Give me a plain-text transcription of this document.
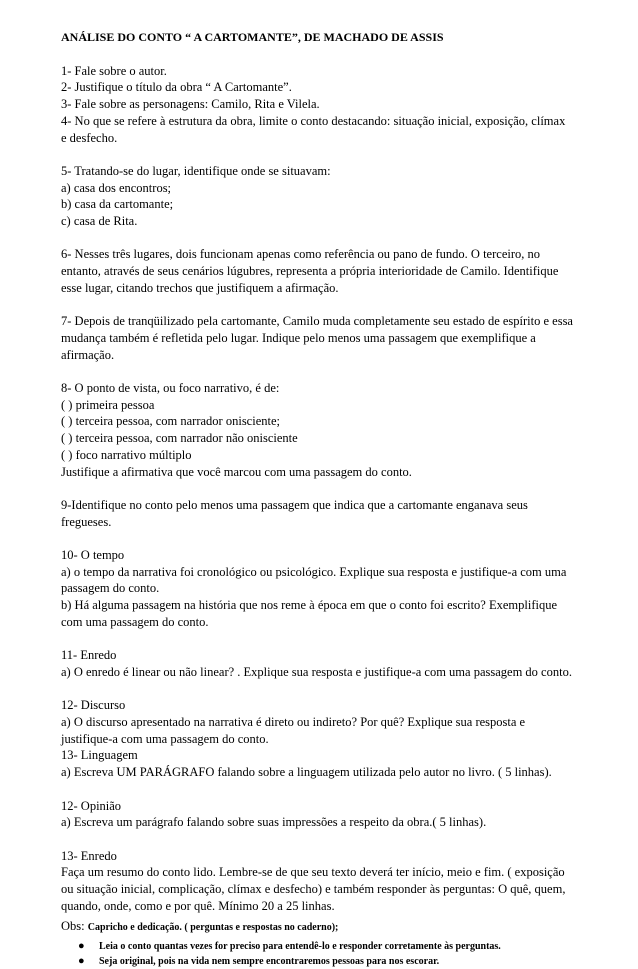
ANÁLISE DO CONTO “ A CARTOMANTE”, DE MACHADO DE ASSIS
1- Fale sobre o autor.
2- Justifique o título da obra “ A Cartomante”.
3- Fale sobre as personagens: Camilo, Rita e Vilela.
4- No que se refere à estrutura da obra, limite o conto destacando: situação inicial, exposição, clímax
e desfecho.
5- Tratando-se do lugar, identifique onde se situavam:
a) casa dos encontros;
b) casa da cartomante;
c) casa de Rita.
6- Nesses três lugares, dois funcionam apenas como referência ou pano de fundo. O terceiro, no
entanto, através de seus cenários lúgubres, representa a própria interioridade de Camilo. Identifique
esse lugar, citando trechos que justifiquem a afirmação.
7- Depois de tranqüilizado pela cartomante, Camilo muda completamente seu estado de espírito e essa
mudança também é refletida pelo lugar. Indique pelo menos uma passagem que exemplifique a
afirmação.
8- O ponto de vista, ou foco narrativo, é de:
( ) primeira pessoa
( ) terceira pessoa, com narrador onisciente;
( ) terceira pessoa, com narrador não onisciente
( ) foco narrativo múltiplo
Justifique a afirmativa que você marcou com uma passagem do conto.
9-Identifique no conto pelo menos uma passagem que indica que a cartomante enganava seus
fregueses.
10- O tempo
a) o tempo da narrativa foi cronológico ou psicológico. Explique sua resposta e justifique-a com uma
passagem do conto.
b) Há alguma passagem na história que nos reme à época em que o conto foi escrito? Exemplifique
com uma passagem do conto.
11- Enredo
a) O enredo é linear ou não linear? . Explique sua resposta e justifique-a com uma passagem do conto.
12- Discurso
a) O discurso apresentado na narrativa é direto ou indireto? Por quê? Explique sua resposta e
justifique-a com uma passagem do conto.
13- Linguagem
a) Escreva UM PARÁGRAFO falando sobre a linguagem utilizada pelo autor no livro. ( 5 linhas).
12- Opinião
a) Escreva um parágrafo falando sobre suas impressões a respeito da obra.( 5 linhas).
13- Enredo
Faça um resumo do conto lido. Lembre-se de que seu texto deverá ter início, meio e fim. ( exposição
ou situação inicial, complicação, clímax e desfecho) e também responder às perguntas: O quê, quem,
quando, onde, como e por quê. Mínimo 20 a 25 linhas.
Obs: Capricho e dedicação. ( perguntas e respostas no caderno);
●	Leia o conto quantas vezes for preciso para entendê-lo e responder corretamente às perguntas.
●	Seja original, pois na vida nem sempre encontraremos pessoas para nos escorar.
